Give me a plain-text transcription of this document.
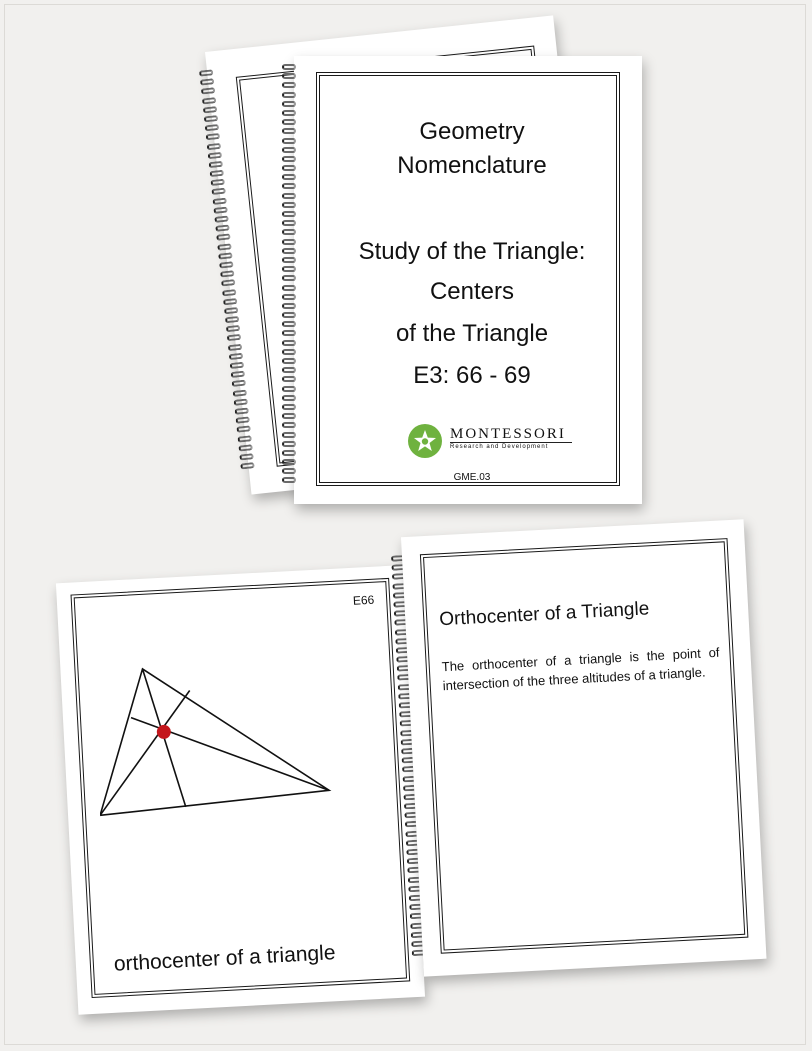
Geometry
Nomenclature
Study of the Triangle:
Centers
of the Triangle
E3: 66 - 69
MONTESSORI
Research and Development
GME.03
E66
orthocenter of a triangle
Orthocenter of a Triangle
The orthocenter of a triangle is the point of intersection of the three altitudes of a triangle.
